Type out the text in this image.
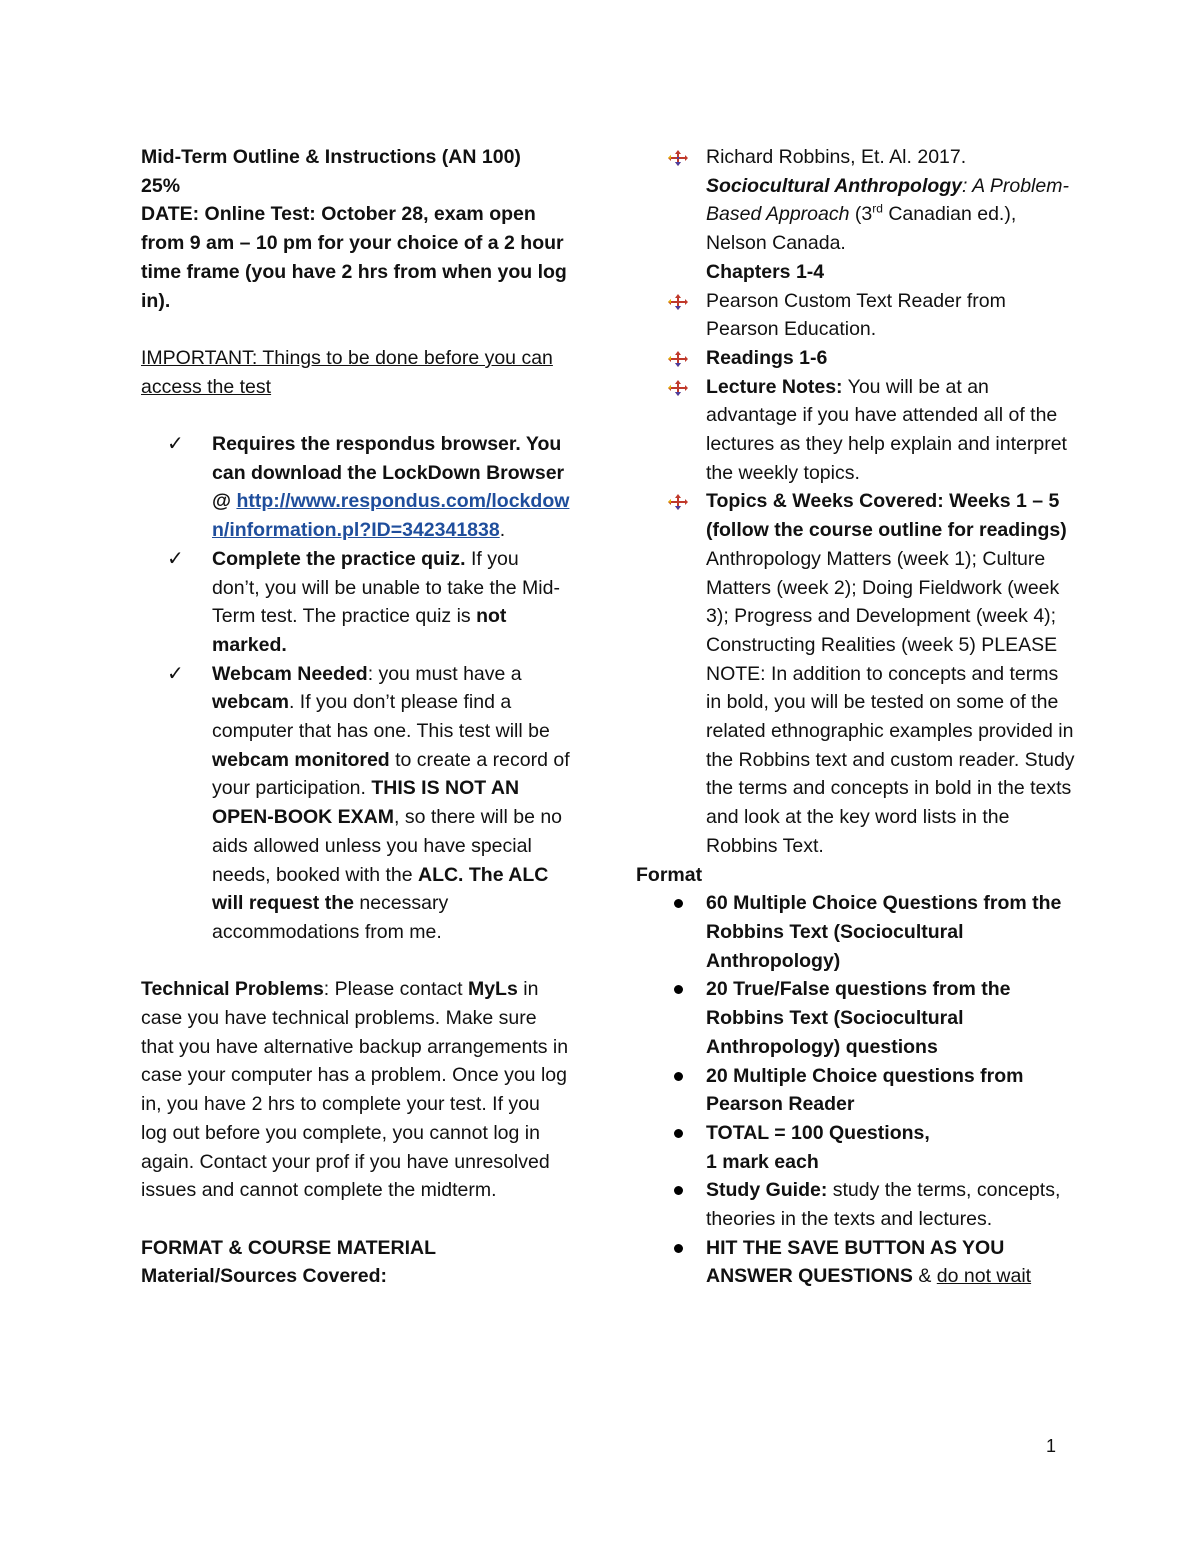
Mid-Term Outline & Instructions (AN 100)

25%

DATE: Online Test: October 28, exam open from 9 am – 10 pm for your choice of a 2 hour time frame (you have 2 hrs from when you log in).

IMPORTANT: Things to be done before you can access the test

✓ Requires the respondus browser. You can download the LockDown Browser @ http://www.respondus.com/lockdown/information.pl?ID=342341838.
✓ Complete the practice quiz. If you don’t, you will be unable to take the Mid-Term test. The practice quiz is not marked.
✓ Webcam Needed: you must have a webcam. If you don’t please find a computer that has one. This test will be webcam monitored to create a record of your participation. THIS IS NOT AN OPEN-BOOK EXAM, so there will be no aids allowed unless you have special needs, booked with the ALC. The ALC will request the necessary accommodations from me.

Technical Problems: Please contact MyLs in case you have technical problems. Make sure that you have alternative backup arrangements in case your computer has a problem. Once you log in, you have 2 hrs to complete your test. If you log out before you complete, you cannot log in again. Contact your prof if you have unresolved issues and cannot complete the midterm.

FORMAT & COURSE MATERIAL

Material/Sources Covered:

Richard Robbins, Et. Al. 2017. Sociocultural Anthropology: A Problem-Based Approach (3rd Canadian ed.), Nelson Canada.
Chapters 1-4
Pearson Custom Text Reader from Pearson Education.
Readings 1-6
Lecture Notes: You will be at an advantage if you have attended all of the lectures as they help explain and interpret the weekly topics.
Topics & Weeks Covered: Weeks 1 – 5 (follow the course outline for readings) Anthropology Matters (week 1); Culture Matters (week 2); Doing Fieldwork (week 3); Progress and Development (week 4); Constructing Realities (week 5) PLEASE NOTE: In addition to concepts and terms in bold, you will be tested on some of the related ethnographic examples provided in the Robbins text and custom reader. Study the terms and concepts in bold in the texts and look at the key word lists in the Robbins Text.

Format

60 Multiple Choice Questions from the Robbins Text (Sociocultural Anthropology)
20 True/False questions from the Robbins Text (Sociocultural Anthropology) questions
20 Multiple Choice questions from Pearson Reader
TOTAL = 100 Questions,
1 mark each
Study Guide: study the terms, concepts, theories in the texts and lectures.
HIT THE SAVE BUTTON AS YOU ANSWER QUESTIONS & do not wait
1
